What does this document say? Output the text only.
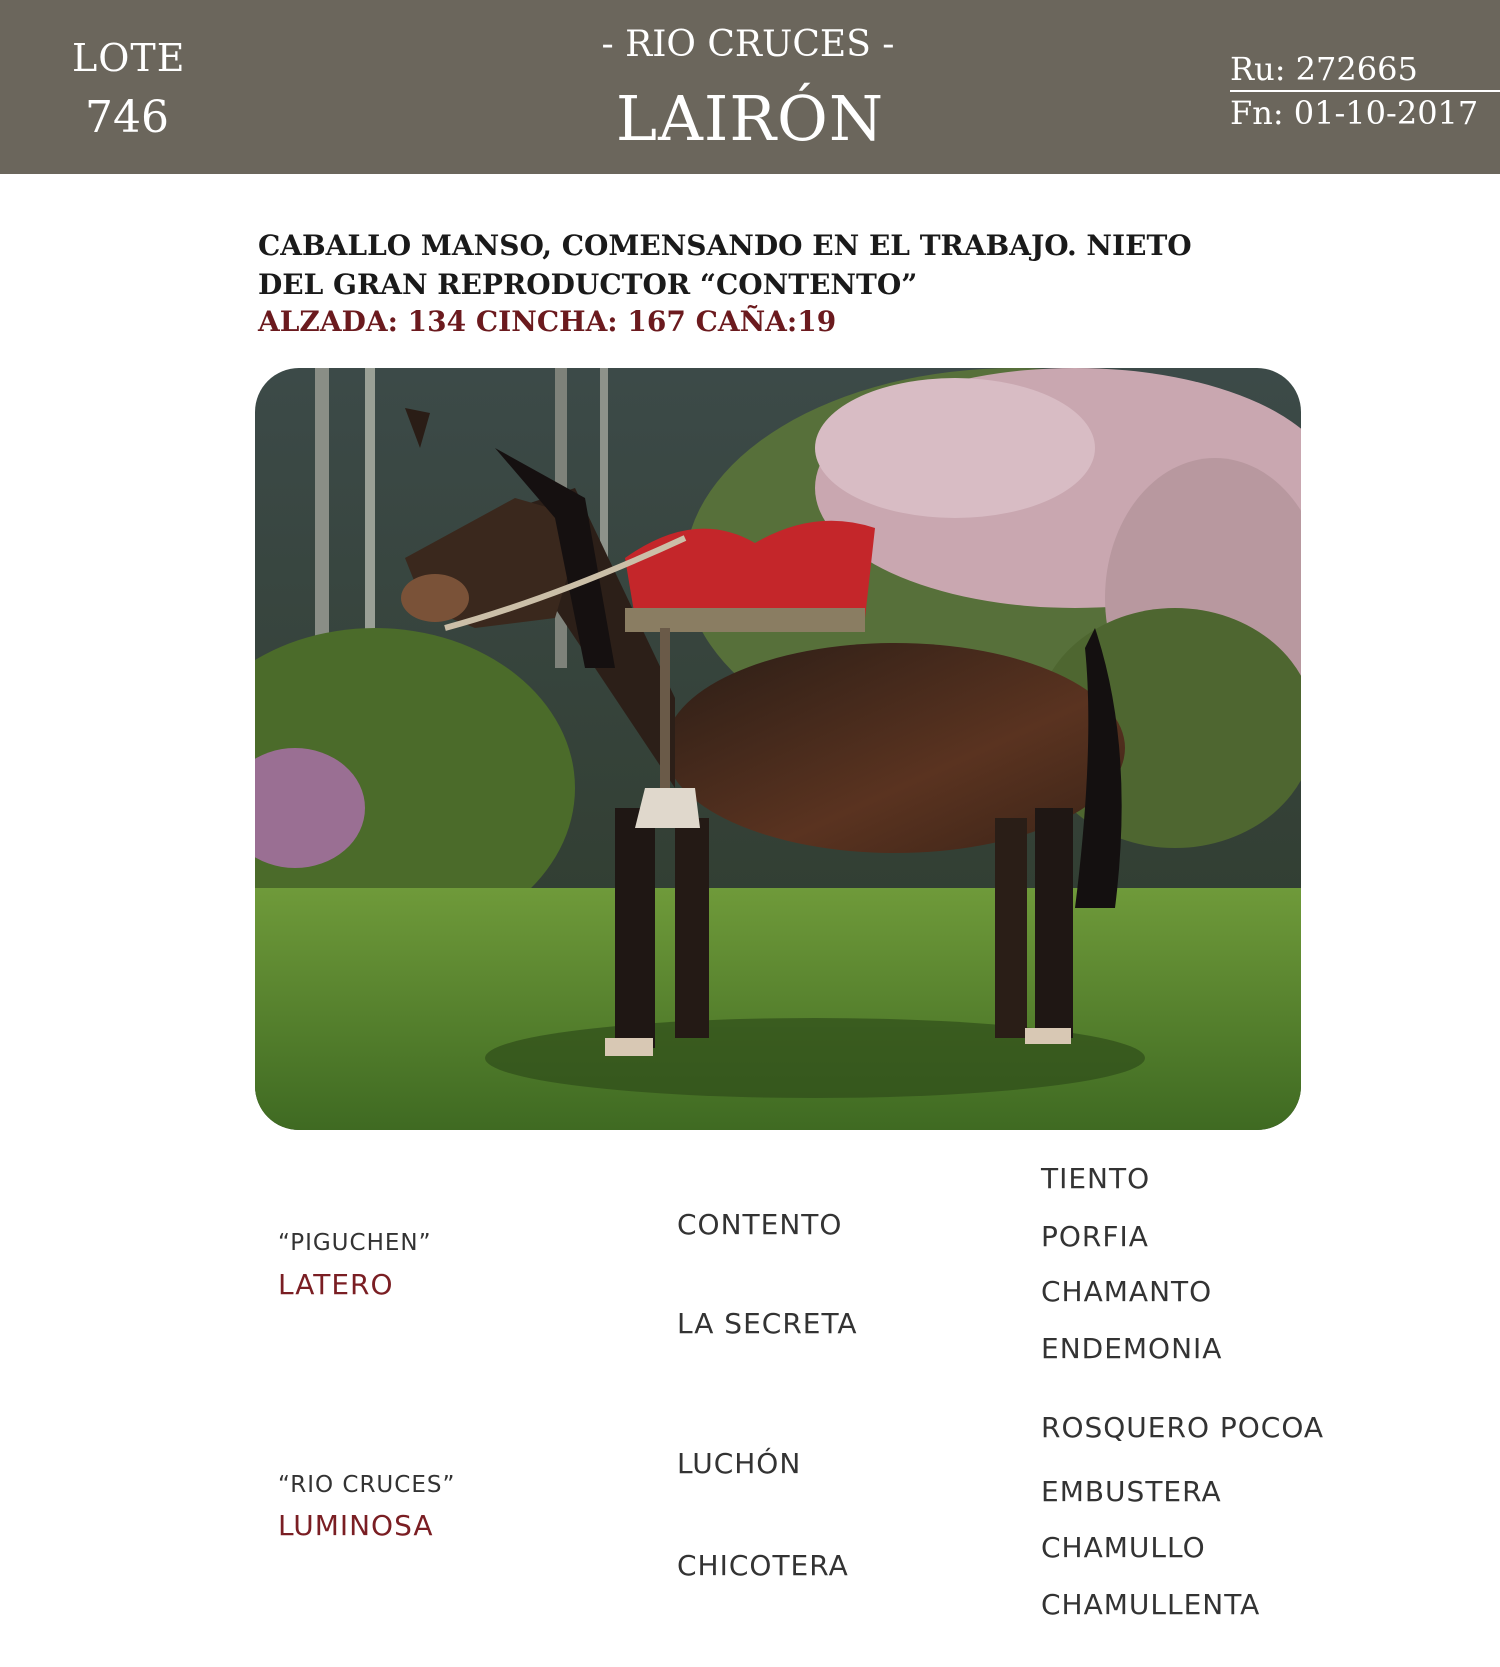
LOTE
746
- RIO CRUCES -
LAIRÓN
Ru: 272665
Fn: 01-10-2017
CABALLO MANSO, COMENSANDO EN EL TRABAJO. NIETO DEL GRAN REPRODUCTOR “CONTENTO”
ALZADA: 134 CINCHA: 167 CAÑA:19
“PIGUCHEN”
LATERO
CONTENTO
LA SECRETA
TIENTO
PORFIA
CHAMANTO
ENDEMONIA
“RIO CRUCES”
LUMINOSA
LUCHÓN
CHICOTERA
ROSQUERO POCOA
EMBUSTERA
CHAMULLO
CHAMULLENTA
